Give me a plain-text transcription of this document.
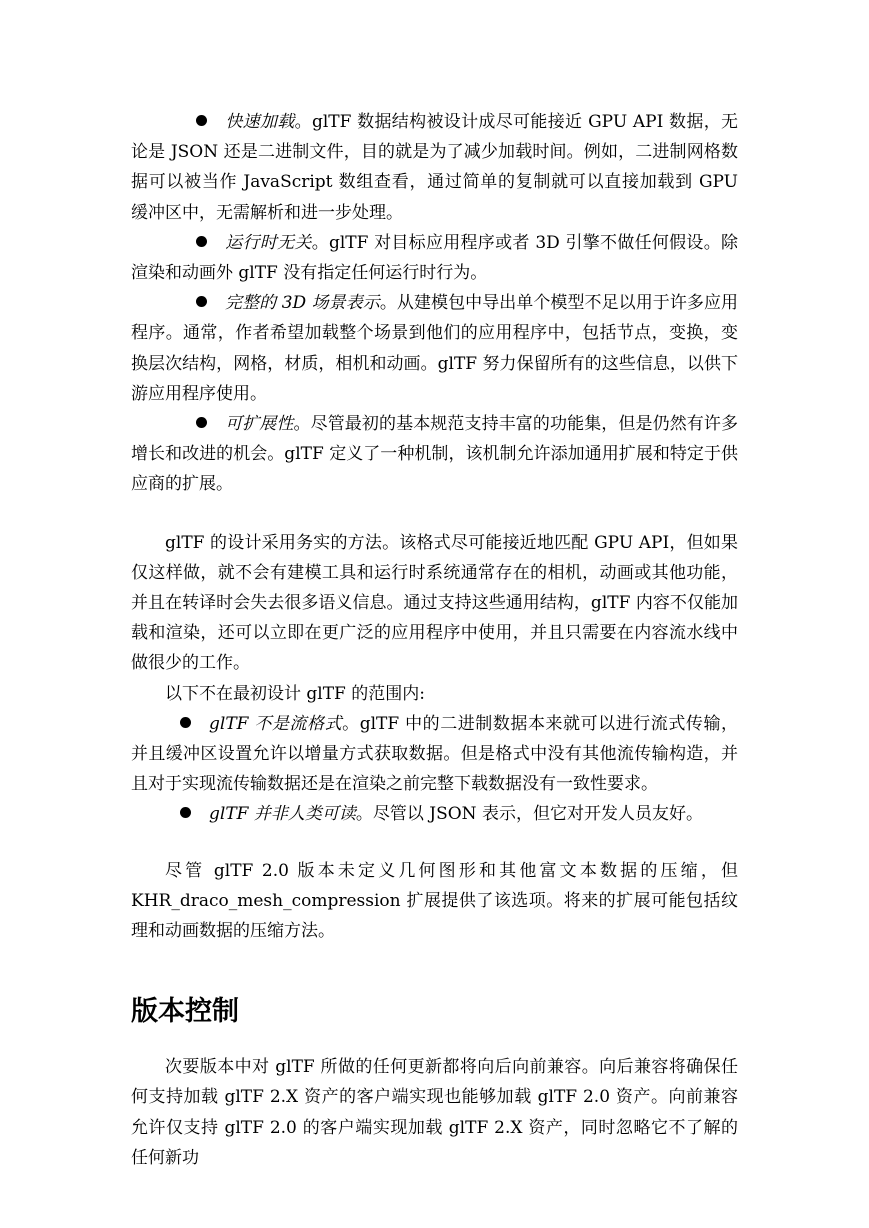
快速加载。glTF 数据结构被设计成尽可能接近 GPU API 数据，无论是 JSON 还是二进制文件，目的就是为了减少加载时间。例如，二进制网格数据可以被当作 JavaScript 数组查看，通过简单的复制就可以直接加载到 GPU 缓冲区中，无需解析和进一步处理。

运行时无关。glTF 对目标应用程序或者 3D 引擎不做任何假设。除渲染和动画外 glTF 没有指定任何运行时行为。

完整的 3D 场景表示。从建模包中导出单个模型不足以用于许多应用程序。通常，作者希望加载整个场景到他们的应用程序中，包括节点，变换，变换层次结构，网格，材质，相机和动画。glTF 努力保留所有的这些信息，以供下游应用程序使用。

可扩展性。尽管最初的基本规范支持丰富的功能集，但是仍然有许多增长和改进的机会。glTF 定义了一种机制，该机制允许添加通用扩展和特定于供应商的扩展。

glTF 的设计采用务实的方法。该格式尽可能接近地匹配 GPU API，但如果仅这样做，就不会有建模工具和运行时系统通常存在的相机，动画或其他功能，并且在转译时会失去很多语义信息。通过支持这些通用结构，glTF 内容不仅能加载和渲染，还可以立即在更广泛的应用程序中使用，并且只需要在内容流水线中做很少的工作。

以下不在最初设计 glTF 的范围内:

glTF 不是流格式。glTF 中的二进制数据本来就可以进行流式传输，并且缓冲区设置允许以增量方式获取数据。但是格式中没有其他流传输构造，并且对于实现流传输数据还是在渲染之前完整下载数据没有一致性要求。

glTF 并非人类可读。尽管以 JSON 表示，但它对开发人员友好。

尽管 glTF 2.0 版本未定义几何图形和其他富文本数据的压缩，但 KHR_draco_mesh_compression 扩展提供了该选项。将来的扩展可能包括纹理和动画数据的压缩方法。

版本控制

次要版本中对 glTF 所做的任何更新都将向后向前兼容。向后兼容将确保任何支持加载 glTF 2.X 资产的客户端实现也能够加载 glTF 2.0 资产。向前兼容允许仅支持 glTF 2.0 的客户端实现加载 glTF 2.X 资产，同时忽略它不了解的任何新功
